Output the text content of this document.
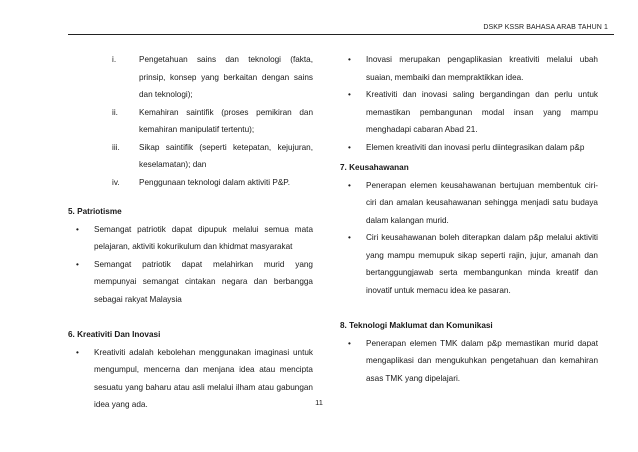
DSKP KSSR BAHASA ARAB TAHUN 1
i.	Pengetahuan sains dan teknologi (fakta, prinsip, konsep yang berkaitan dengan sains dan teknologi);
ii.	Kemahiran saintifik (proses pemikiran dan kemahiran manipulatif tertentu);
iii.	Sikap saintifik (seperti ketepatan, kejujuran, keselamatan); dan
iv.	Penggunaan teknologi dalam aktiviti P&P.
5. Patriotisme
•
Semangat patriotik dapat dipupuk melalui semua mata pelajaran, aktiviti kokurikulum dan khidmat masyarakat
•
Semangat patriotik dapat melahirkan murid yang mempunyai semangat cintakan negara dan berbangga sebagai rakyat Malaysia
6. Kreativiti Dan Inovasi
•
Kreativiti adalah kebolehan menggunakan imaginasi untuk mengumpul, mencerna dan menjana idea atau mencipta sesuatu yang baharu atau asli melalui ilham atau gabungan idea yang ada.
•
Inovasi merupakan pengaplikasian kreativiti melalui ubah suaian, membaiki dan mempraktikkan idea.
•
Kreativiti dan inovasi saling bergandingan dan perlu untuk memastikan pembangunan modal insan yang mampu menghadapi cabaran Abad 21.
•
Elemen kreativiti dan inovasi perlu diintegrasikan dalam p&p
7. Keusahawanan
•
Penerapan elemen keusahawanan bertujuan membentuk ciri-ciri dan amalan keusahawanan sehingga menjadi satu budaya dalam kalangan murid.
•
Ciri keusahawanan boleh diterapkan dalam p&p melalui aktiviti yang mampu memupuk sikap seperti rajin, jujur, amanah dan bertanggungjawab serta membangunkan minda kreatif dan inovatif untuk memacu idea ke pasaran.
8. Teknologi Maklumat dan Komunikasi
•
Penerapan elemen TMK dalam p&p memastikan murid dapat mengaplikasi dan mengukuhkan pengetahuan dan kemahiran asas TMK yang dipelajari.
11
